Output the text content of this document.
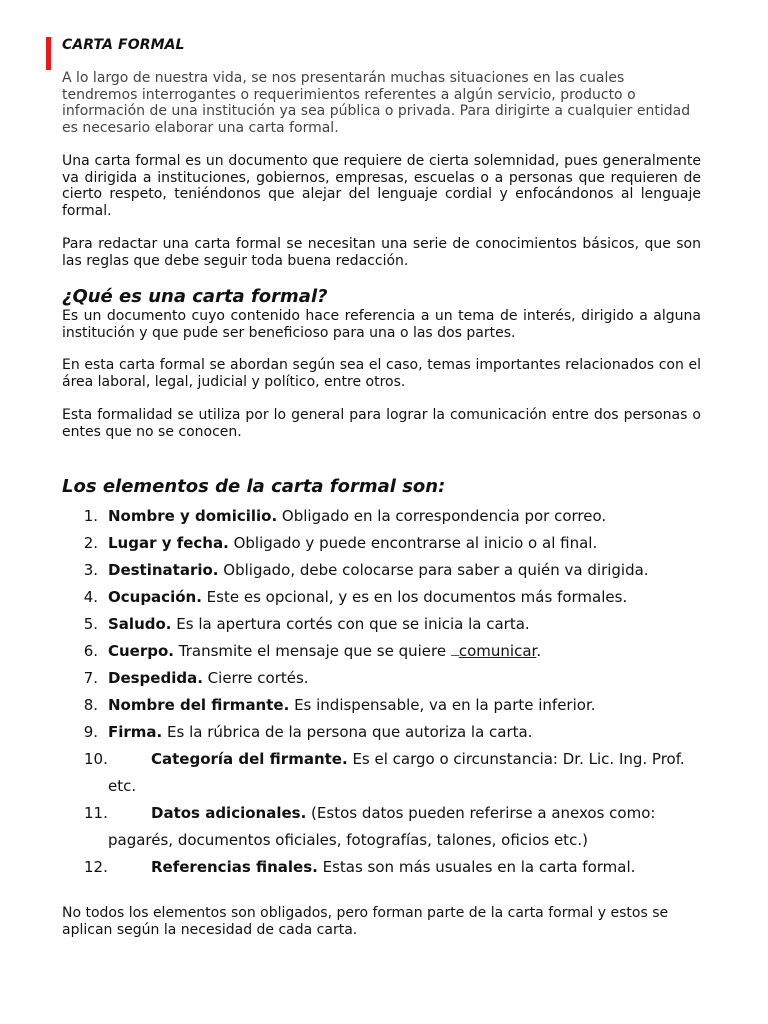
CARTA FORMAL

A lo largo de nuestra vida, se nos presentarán muchas situaciones en las cuales tendremos interrogantes o requerimientos referentes a algún servicio, producto o información de una institución ya sea pública o privada. Para dirigirte a cualquier entidad es necesario elaborar una carta formal.

Una carta formal es un documento que requiere de cierta solemnidad, pues generalmente va dirigida a instituciones, gobiernos, empresas, escuelas o a personas que requieren de cierto respeto, teniéndonos que alejar del lenguaje cordial y enfocándonos al lenguaje formal.

Para redactar una carta formal se necesitan una serie de conocimientos básicos, que son las reglas que debe seguir toda buena redacción.

¿Qué es una carta formal?

Es un documento cuyo contenido hace referencia a un tema de interés, dirigido a alguna institución y que pude ser beneficioso para una o las dos partes.

En esta carta formal se abordan según sea el caso, temas importantes relacionados con el área laboral, legal, judicial y político, entre otros.

Esta formalidad se utiliza por lo general para lograr la comunicación entre dos personas o entes que no se conocen.

Los elementos de la carta formal son:
1. Nombre y domicilio. Obligado en la correspondencia por correo.
2. Lugar y fecha. Obligado y puede encontrarse al inicio o al final.
3. Destinatario. Obligado, debe colocarse para saber a quién va dirigida.
4. Ocupación. Este es opcional, y es en los documentos más formales.
5. Saludo. Es la apertura cortés con que se inicia la carta.
6. Cuerpo. Transmite el mensaje que se quiere comunicar.
7. Despedida. Cierre cortés.
8. Nombre del firmante. Es indispensable, va en la parte inferior.
9. Firma. Es la rúbrica de la persona que autoriza la carta.
10.	Categoría del firmante. Es el cargo o circunstancia: Dr. Lic. Ing. Prof.
etc.
11.	Datos adicionales. (Estos datos pueden referirse a anexos como:
pagarés, documentos oficiales, fotografías, talones, oficios etc.)
12.	Referencias finales. Estas son más usuales en la carta formal.

No todos los elementos son obligados, pero forman parte de la carta formal y estos se aplican según la necesidad de cada carta.
